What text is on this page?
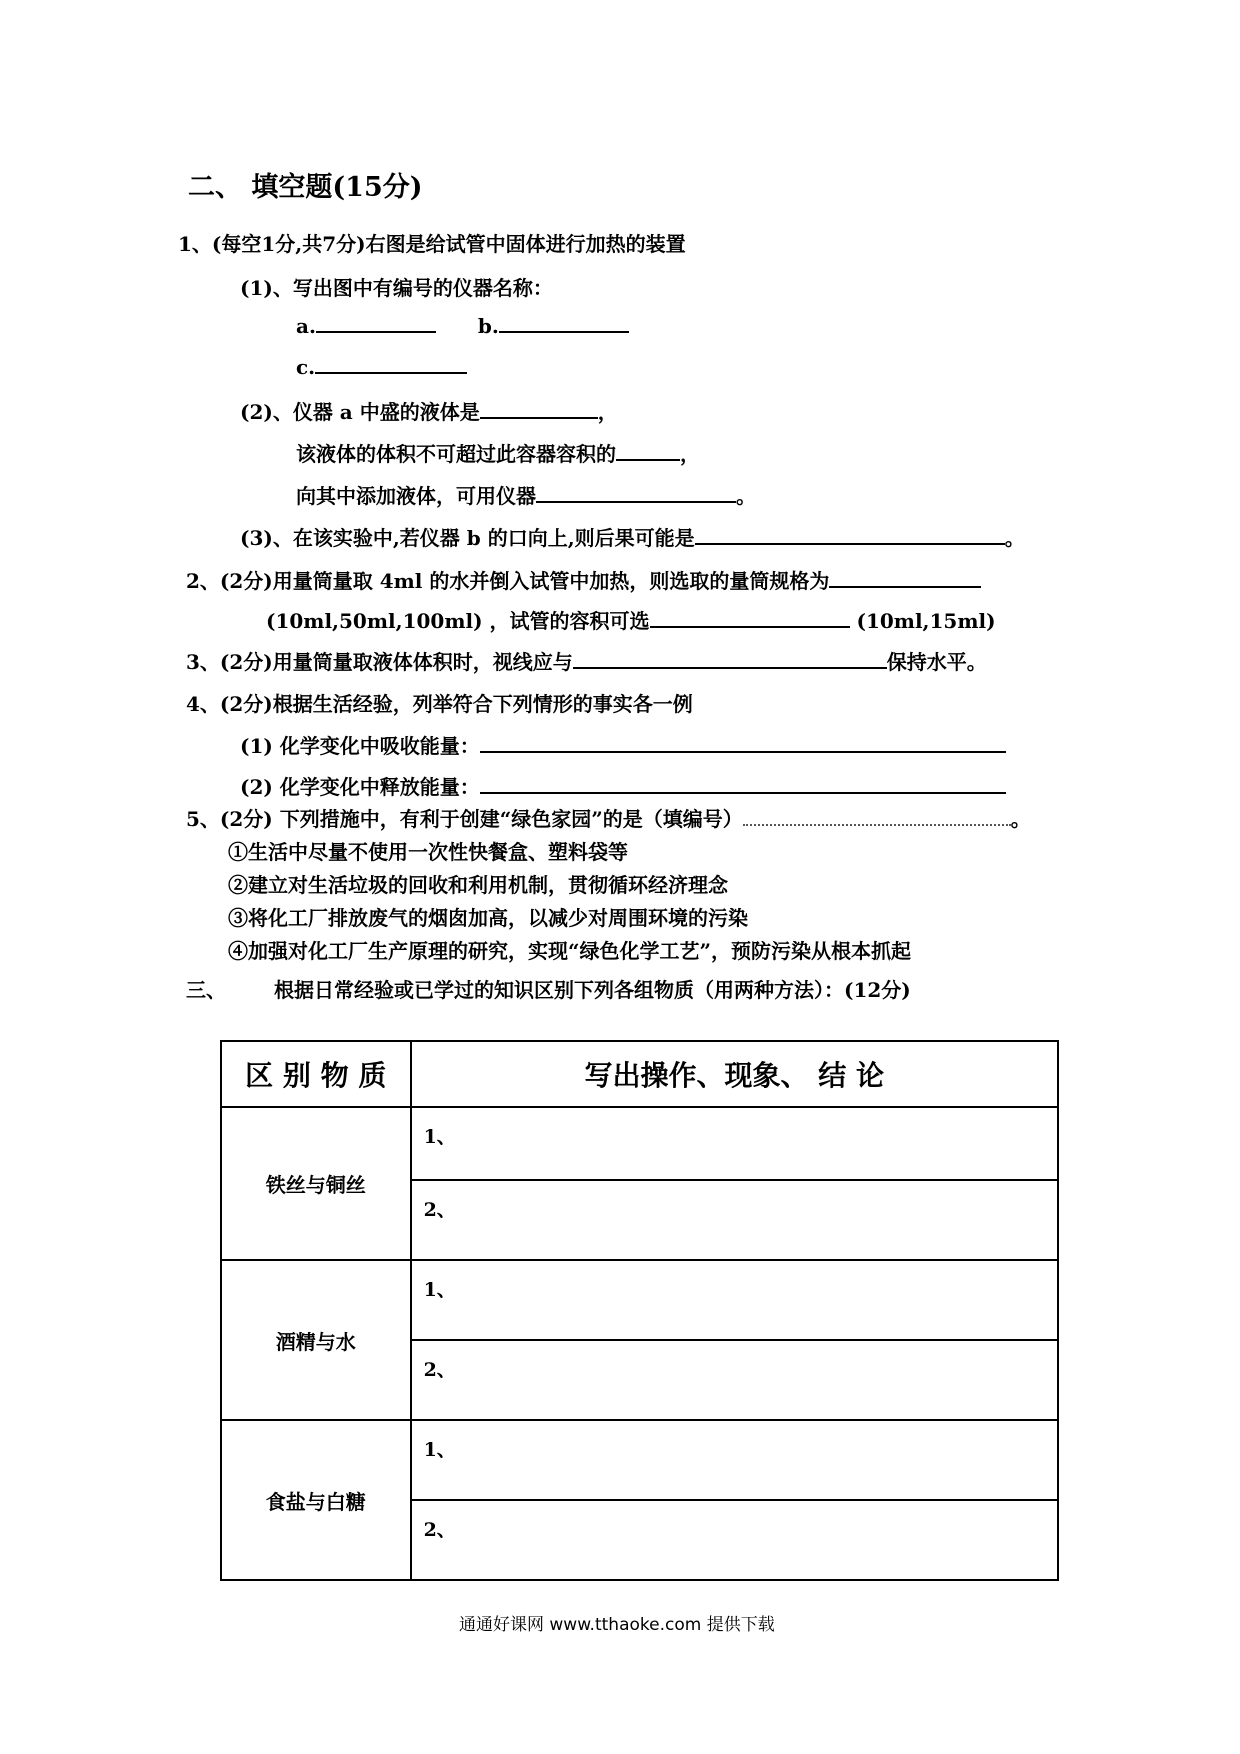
二、 填空题(15分)
1、(每空1分,共7分)右图是给试管中固体进行加热的装置
(1)、写出图中有编号的仪器名称：
a.	b.
c.
(2)、仪器 a 中盛的液体是	，
该液体的体积不可超过此容器容积的	，
向其中添加液体，可用仪器	。
(3)、在该实验中,若仪器 b 的口向上,则后果可能是	。
2、(2分)用量筒量取 4ml 的水并倒入试管中加热，则选取的量筒规格为
(10ml,50ml,100ml) ，试管的容积可选	(10ml,15ml)
3、(2分)用量筒量取液体体积时，视线应与	保持水平。
4、(2分)根据生活经验，列举符合下列情形的事实各一例
(1) 化学变化中吸收能量：
(2) 化学变化中释放能量：
5、(2分) 下列措施中，有利于创建“绿色家园”的是（填编号）	。
①生活中尽量不使用一次性快餐盒、塑料袋等
②建立对生活垃圾的回收和利用机制，贯彻循环经济理念
③将化工厂排放废气的烟囱加高，以减少对周围环境的污染
④加强对化工厂生产原理的研究，实现“绿色化学工艺”，预防污染从根本抓起
三、 根据日常经验或已学过的知识区别下列各组物质（用两种方法）：(12分)
区 别 物 质	写出操作、现象、 结 论
铁丝与铜丝	1、
	2、
酒精与水	1、
	2、
食盐与白糖	1、
	2、
通通好课网 www.tthaoke.com 提供下载
